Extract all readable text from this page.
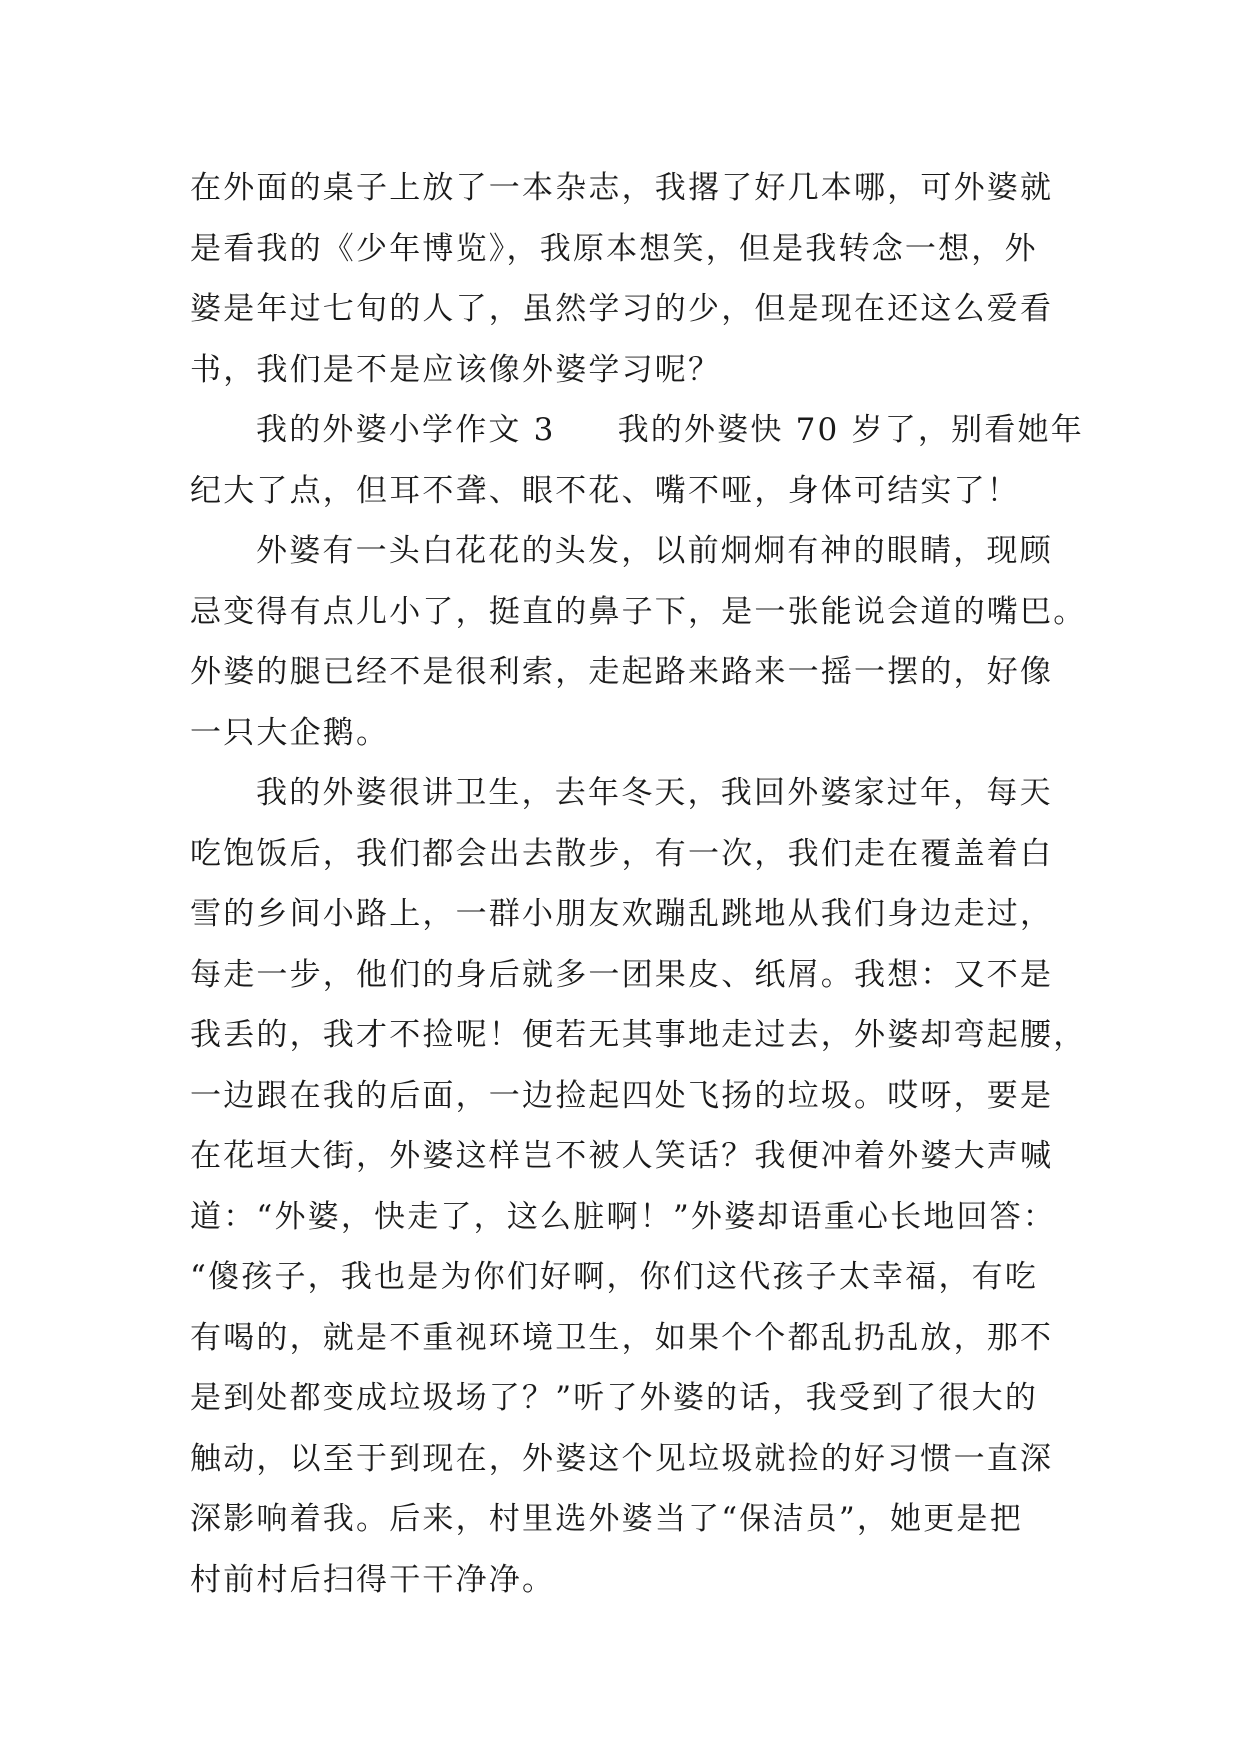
在外面的桌子上放了一本杂志，我撂了好几本哪，可外婆就
是看我的《少年博览》，我原本想笑，但是我转念一想，外
婆是年过七旬的人了，虽然学习的少，但是现在还这么爱看
书，我们是不是应该像外婆学习呢？
我的外婆小学作文 3 我的外婆快 70 岁了，别看她年
纪大了点，但耳不聋、眼不花、嘴不哑，身体可结实了！
外婆有一头白花花的头发，以前炯炯有神的眼睛，现顾
忌变得有点儿小了，挺直的鼻子下，是一张能说会道的嘴巴。
外婆的腿已经不是很利索，走起路来路来一摇一摆的，好像
一只大企鹅。
我的外婆很讲卫生，去年冬天，我回外婆家过年，每天
吃饱饭后，我们都会出去散步，有一次，我们走在覆盖着白
雪的乡间小路上，一群小朋友欢蹦乱跳地从我们身边走过，
每走一步，他们的身后就多一团果皮、纸屑。我想：又不是
我丢的，我才不捡呢！便若无其事地走过去，外婆却弯起腰，
一边跟在我的后面，一边捡起四处飞扬的垃圾。哎呀，要是
在花垣大街，外婆这样岂不被人笑话？我便冲着外婆大声喊
道：“外婆，快走了，这么脏啊！”外婆却语重心长地回答：
“傻孩子，我也是为你们好啊，你们这代孩子太幸福，有吃
有喝的，就是不重视环境卫生，如果个个都乱扔乱放，那不
是到处都变成垃圾场了？”听了外婆的话，我受到了很大的
触动，以至于到现在，外婆这个见垃圾就捡的好习惯一直深
深影响着我。后来，村里选外婆当了“保洁员”，她更是把
村前村后扫得干干净净。
